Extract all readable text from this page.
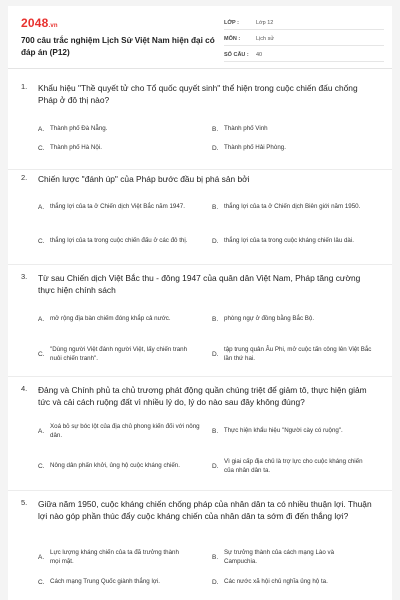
2048.vn
700 câu trắc nghiệm Lịch Sử Việt Nam hiện đại có đáp án (P12)
LỚP :	Lớp 12
MÔN :	Lịch sử
SỐ CÂU :	40
1. Khẩu hiệu "Thề quyết tử cho Tổ quốc quyết sinh" thể hiện trong cuộc chiến đấu chống Pháp ở đô thị nào?
A. Thành phố Đà Nẵng.	B. Thành phố Vinh
C. Thành phố Hà Nội.	D. Thành phố Hải Phòng.
2. Chiến lược "đánh úp" của Pháp bước đầu bị phá sản bởi
A. thắng lợi của ta ở Chiến dịch Việt Bắc năm 1947.	B. thắng lợi của ta ở Chiến dịch Biên giới năm 1950.
C. thắng lợi của ta trong cuộc chiến đấu ở các đô thị.	D. thắng lợi của ta trong cuộc kháng chiến lâu dài.
3. Từ sau Chiến dịch Việt Bắc thu - đông 1947 của quân dân Việt Nam, Pháp tăng cường thực hiện chính sách
A. mở rộng địa bàn chiếm đóng khắp cả nước.	B. phòng ngự ở đồng bằng Bắc Bộ.
C.
"Dùng người Việt đánh người Việt, lấy chiến tranh nuôi chiến tranh".
D.
tập trung quân Âu Phi, mở cuộc tấn công lên Việt Bắc lần thứ hai.
4. Đảng và Chính phủ ta chủ trương phát động quần chúng triệt để giảm tô, thực hiện giảm tức và cải cách ruộng đất vì nhiều lý do, lý do nào sau đây không đúng?
A.
Xoá bỏ sự bóc lột của địa chủ phong kiến đối với nông dân.
B. Thực hiện khẩu hiệu "Người cày có ruộng".
C. Nông dân phấn khởi, ủng hộ cuộc kháng chiến.	D.
Vì giai cấp địa chủ là trợ lực cho cuộc kháng chiến của nhân dân ta.
5. Giữa năm 1950, cuộc kháng chiến chống pháp của nhân dân ta có nhiều thuận lợi. Thuận lợi nào góp phần thúc đẩy cuộc kháng chiến của nhân dân ta sớm đi đến thắng lợi?
A.
Lực lượng kháng chiến của ta đã trưởng thành mọi mặt.
B.
Sự trưởng thành của cách mạng Lào và Campuchia.
C. Cách mạng Trung Quốc giành thắng lợi.	D. Các nước xã hội chủ nghĩa ủng hộ ta.
